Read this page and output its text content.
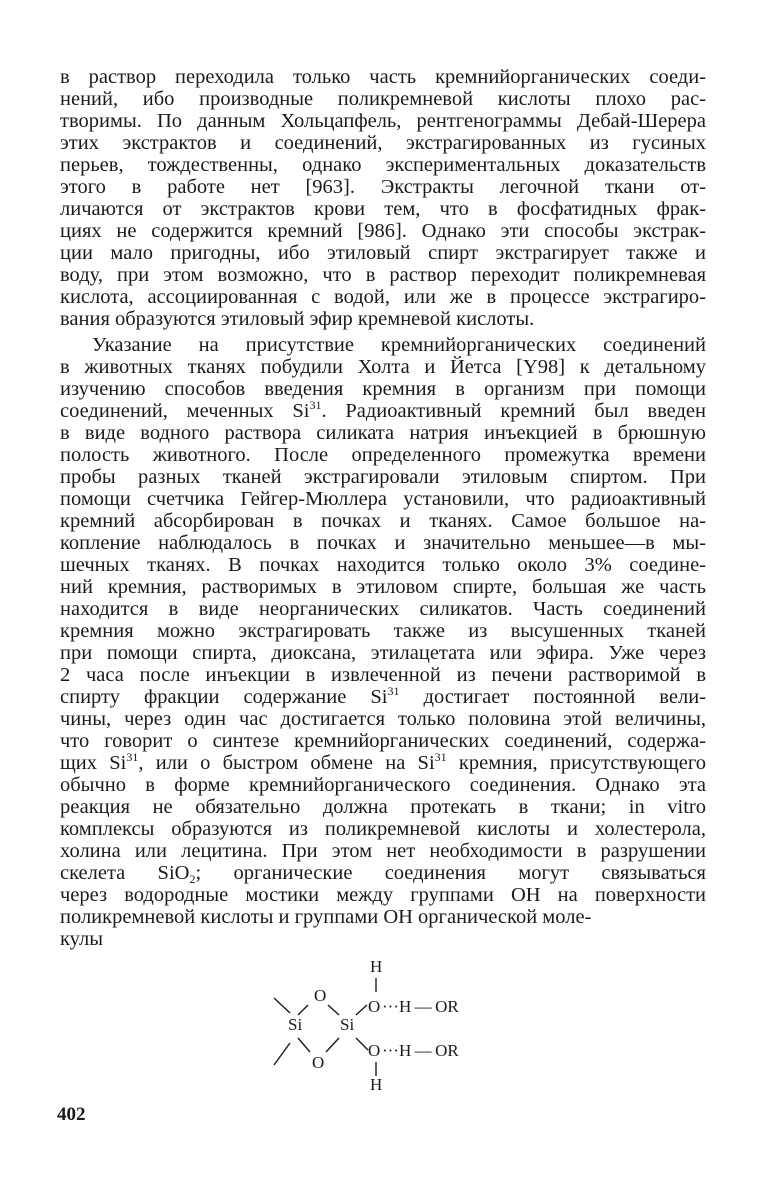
в раствор переходила только часть кремнийорганических соеди-
нений, ибо производные поликремневой кислоты плохо рас-
творимы. По данным Хольцапфель, рентгенограммы Дебай-Шерера
этих экстрактов и соединений, экстрагированных из гусиных
перьев, тождественны, однако экспериментальных доказательств
этого в работе нет [963]. Экстракты легочной ткани от-
личаются от экстрактов крови тем, что в фосфатидных фрак-
циях не содержится кремний [986]. Однако эти способы экстрак-
ции мало пригодны, ибо этиловый спирт экстрагирует также и
воду, при этом возможно, что в раствор переходит поликремневая
кислота, ассоциированная с водой, или же в процессе экстрагиро-
вания образуются этиловый эфир кремневой кислоты.
Указание на присутствие кремнийорганических соединений
в животных тканях побудили Холта и Йетса [Y98] к детальному
изучению способов введения кремния в организм при помощи
соединений, меченных Si$^{31}$. Радиоактивный кремний был введен
в виде водного раствора силиката натрия инъекцией в брюшную
полость животного. После определенного промежутка времени
пробы разных тканей экстрагировали этиловым спиртом. При
помощи счетчика Гейгер-Мюллера установили, что радиоактивный
кремний абсорбирован в почках и тканях. Самое большое на-
копление наблюдалось в почках и значительно меньшее—в мы-
шечных тканях. В почках находится только около 3% соедине-
ний кремния, растворимых в этиловом спирте, большая же часть
находится в виде неорганических силикатов. Часть соединений
кремния можно экстрагировать также из высушенных тканей
при помощи спирта, диоксана, этилацетата или эфира. Уже через
2 часа после инъекции в извлеченной из печени растворимой в
спирту фракции содержание Si$^{31}$ достигает постоянной вели-
чины, через один час достигается только половина этой величины,
что говорит о синтезе кремнийорганических соединений, содержа-
щих Si$^{31}$, или о быстром обмене на Si$^{31}$ кремния, присутствующего
обычно в форме кремнийорганического соединения. Однако эта
реакция не обязательно должна протекать в ткани; in vitro
комплексы образуются из поликремневой кислоты и холестерола,
холина или лецитина. При этом нет необходимости в разрушении
скелета SiO$_2$; органические соединения могут связываться
через водородные мостики между группами OH на поверхности
поликремневой кислоты и группами OH органической моле-
кулы
H
O
O ···H — OR
Si Si
O
O ···H — OR
H
402
